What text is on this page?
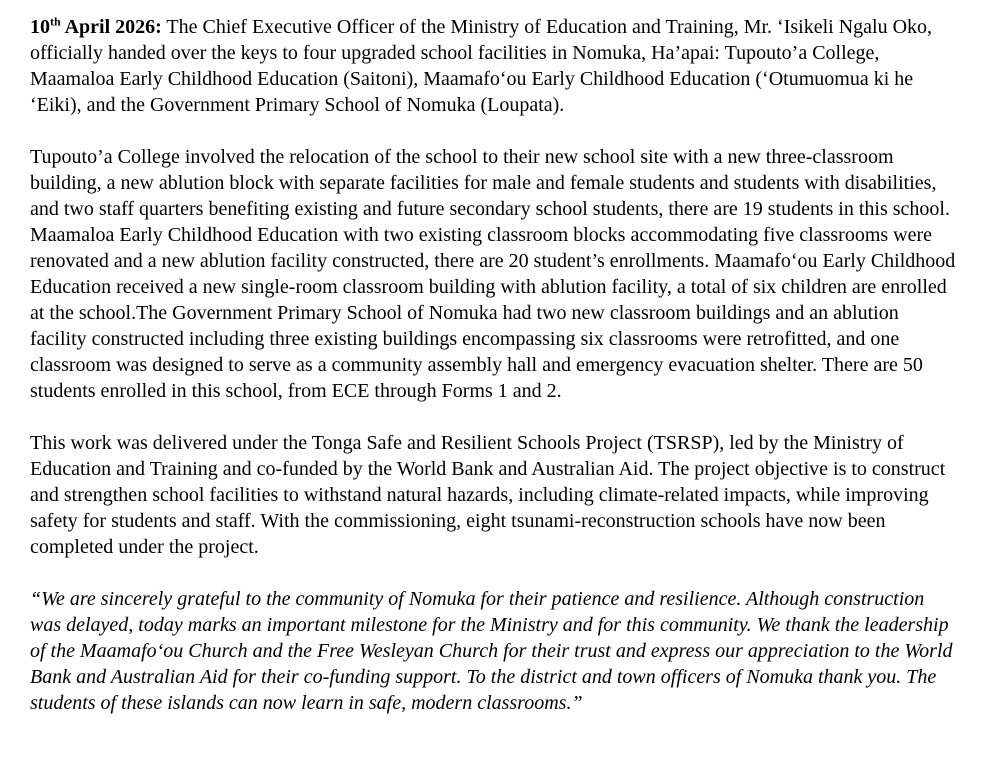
10th April 2026: The Chief Executive Officer of the Ministry of Education and Training, Mr. ‘Isikeli Ngalu Oko, officially handed over the keys to four upgraded school facilities in Nomuka, Ha’apai: Tupouto’a College, Maamaloa Early Childhood Education (Saitoni), Maamafo‘ou Early Childhood Education (‘Otumuomua ki he ‘Eiki), and the Government Primary School of Nomuka (Loupata).

Tupouto’a College involved the relocation of the school to their new school site with a new three-classroom building, a new ablution block with separate facilities for male and female students and students with disabilities, and two staff quarters benefiting existing and future secondary school students, there are 19 students in this school. Maamaloa Early Childhood Education with two existing classroom blocks accommodating five classrooms were renovated and a new ablution facility constructed, there are 20 student’s enrollments. Maamafo‘ou Early Childhood Education received a new single-room classroom building with ablution facility, a total of six children are enrolled at the school.The Government Primary School of Nomuka had two new classroom buildings and an ablution facility constructed including three existing buildings encompassing six classrooms were retrofitted, and one classroom was designed to serve as a community assembly hall and emergency evacuation shelter. There are 50 students enrolled in this school, from ECE through Forms 1 and 2.

This work was delivered under the Tonga Safe and Resilient Schools Project (TSRSP), led by the Ministry of Education and Training and co-funded by the World Bank and Australian Aid. The project objective is to construct and strengthen school facilities to withstand natural hazards, including climate-related impacts, while improving safety for students and staff. With the commissioning, eight tsunami-reconstruction schools have now been completed under the project.

“We are sincerely grateful to the community of Nomuka for their patience and resilience. Although construction was delayed, today marks an important milestone for the Ministry and for this community. We thank the leadership of the Maamafo‘ou Church and the Free Wesleyan Church for their trust and express our appreciation to the World Bank and Australian Aid for their co-funding support. To the district and town officers of Nomuka thank you. The students of these islands can now learn in safe, modern classrooms.”
